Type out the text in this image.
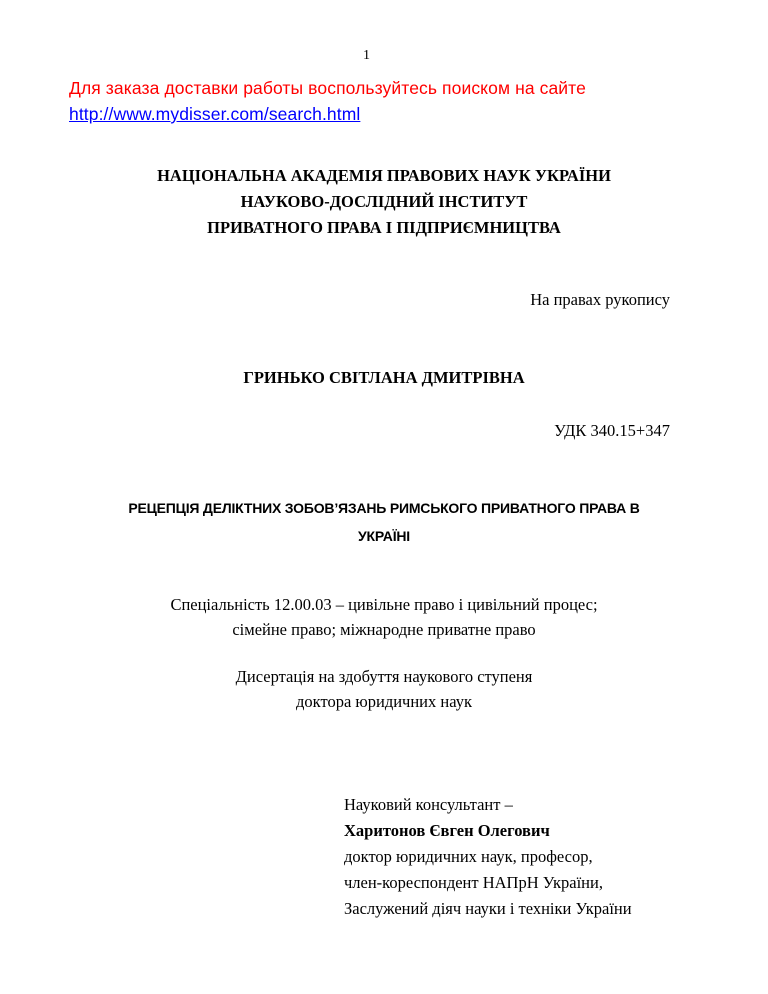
1
Для заказа доставки работы воспользуйтесь поиском на сайте
http://www.mydisser.com/search.html
НАЦІОНАЛЬНА АКАДЕМІЯ ПРАВОВИХ НАУК УКРАЇНИ
НАУКОВО-ДОСЛІДНИЙ ІНСТИТУТ
ПРИВАТНОГО ПРАВА І ПІДПРИЄМНИЦТВА
На правах рукопису
ГРИНЬКО СВІТЛАНА ДМИТРІВНА
УДК 340.15+347
РЕЦЕПЦІЯ ДЕЛІКТНИХ ЗОБОВ’ЯЗАНЬ РИМСЬКОГО ПРИВАТНОГО ПРАВА В
УКРАЇНІ
Спеціальність 12.00.03 – цивільне право і цивільний процес;
сімейне право; міжнародне приватне право
Дисертація на здобуття наукового ступеня
доктора юридичних наук
Науковий консультант –
Харитонов Євген Олегович
доктор юридичних наук, професор,
член-кореспондент НАПрН України,
Заслужений діяч науки і техніки України
